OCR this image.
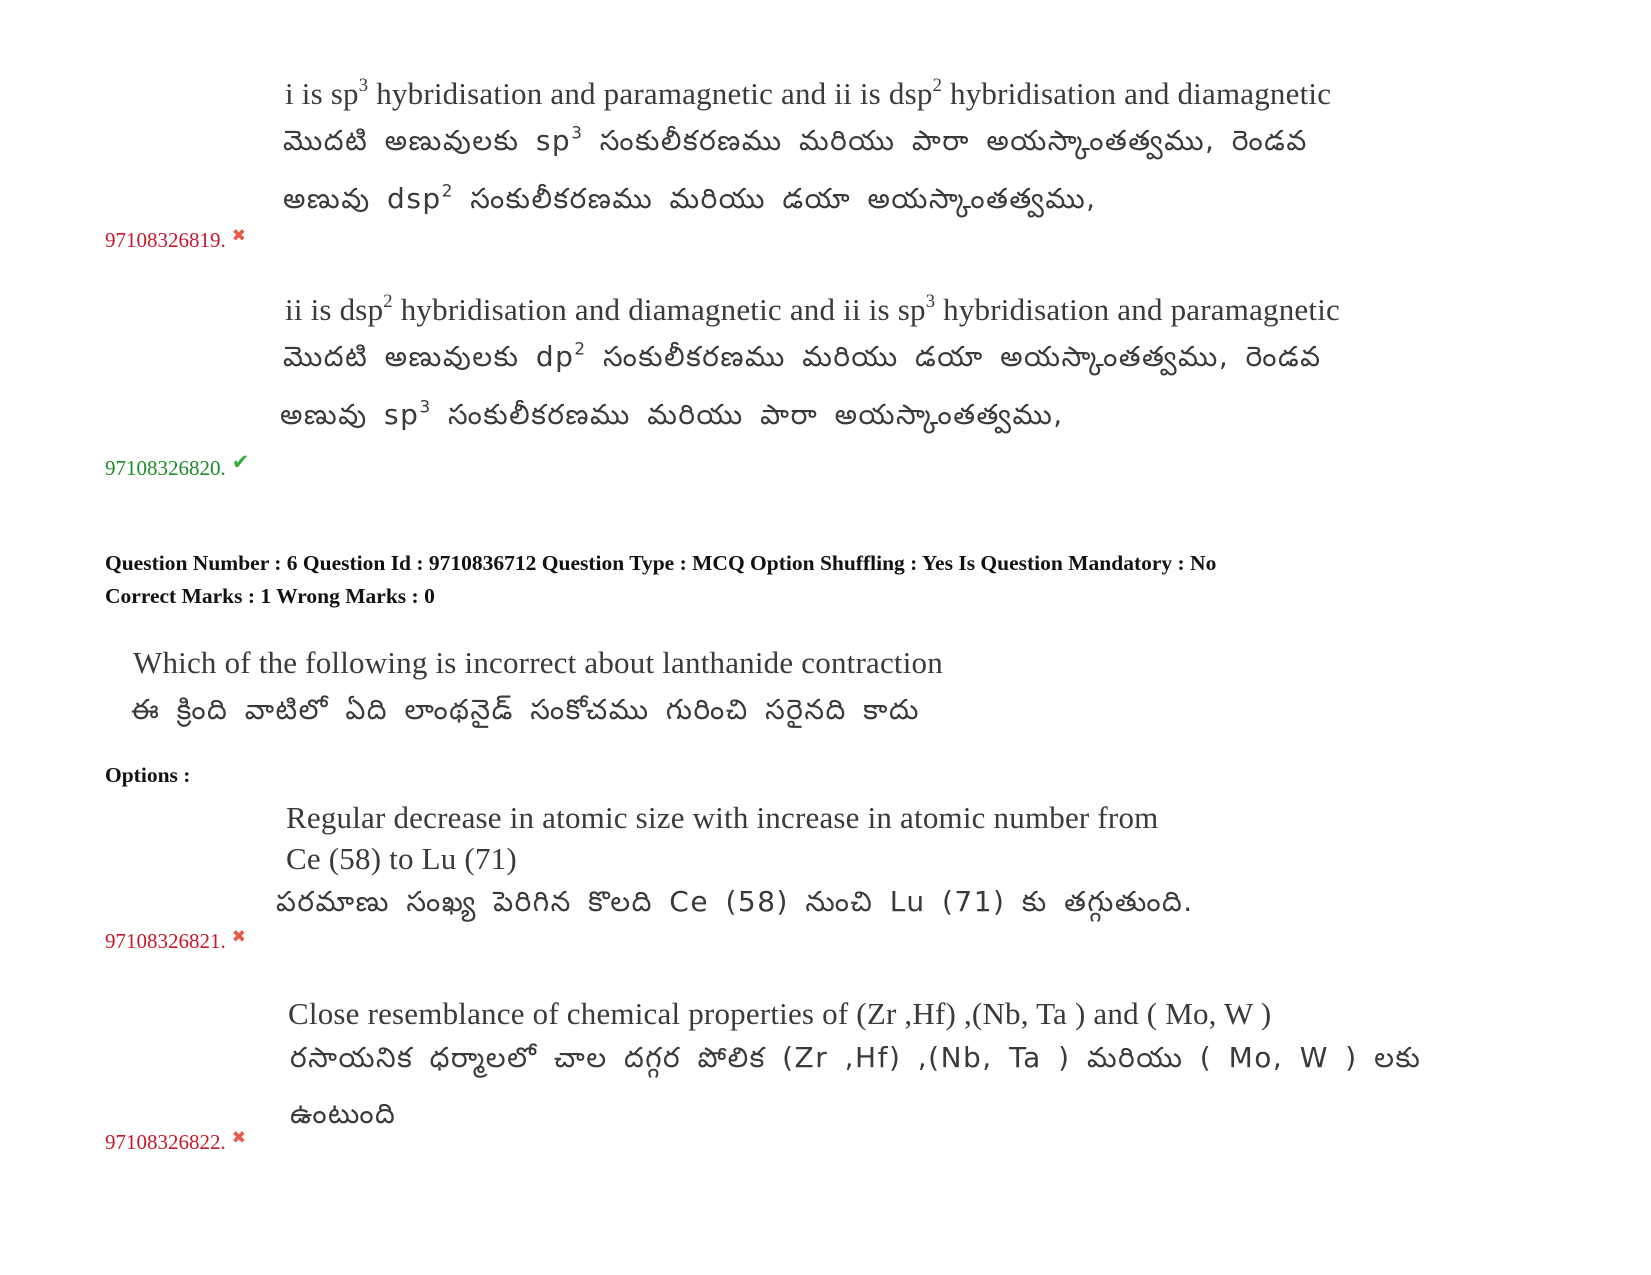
i is $sp^3$ hybridisation and paramagnetic and ii is dsp$^2$ hybridisation and diamagnetic
మొదటి అణువులకు $sp^3$ సంకులీకరణము మరియు పారా అయస్కాంతత్వము, రెండవ
అణువు dsp$^2$ సంకులీకరణము మరియు డయా అయస్కాంతత్వము,
97108326819. ✖
ii is dsp$^2$ hybridisation and diamagnetic and ii is $sp^3$ hybridisation and paramagnetic
మొదటి అణువులకు $dp^2$ సంకులీకరణము మరియు డయా అయస్కాంతత్వము, రెండవ
అణువు $sp^3$ సంకులీకరణము మరియు పారా అయస్కాంతత్వము,
97108326820. ✔
Question Number : 6 Question Id : 9710836712 Question Type : MCQ Option Shuffling : Yes Is Question Mandatory : No
Correct Marks : 1 Wrong Marks : 0
Which of the following is incorrect about lanthanide contraction
ఈ క్రింది వాటిలో ఏది లాంథనైడ్ సంకోచము గురించి సరైనది కాదు
Options :
Regular decrease in atomic size with increase in atomic number from
Ce (58) to Lu (71)
పరమాణు సంఖ్య పెరిగిన కొలది Ce (58) నుంచి Lu (71) కు తగ్గుతుంది.
97108326821. ✖
Close resemblance of chemical properties of (Zr ,Hf) ,(Nb, Ta ) and ( Mo, W )
రసాయనిక ధర్మాలలో చాల దగ్గర పోలిక (Zr ,Hf) ,(Nb, Ta ) మరియు ( Mo, W ) లకు
ఉంటుంది
97108326822. ✖
